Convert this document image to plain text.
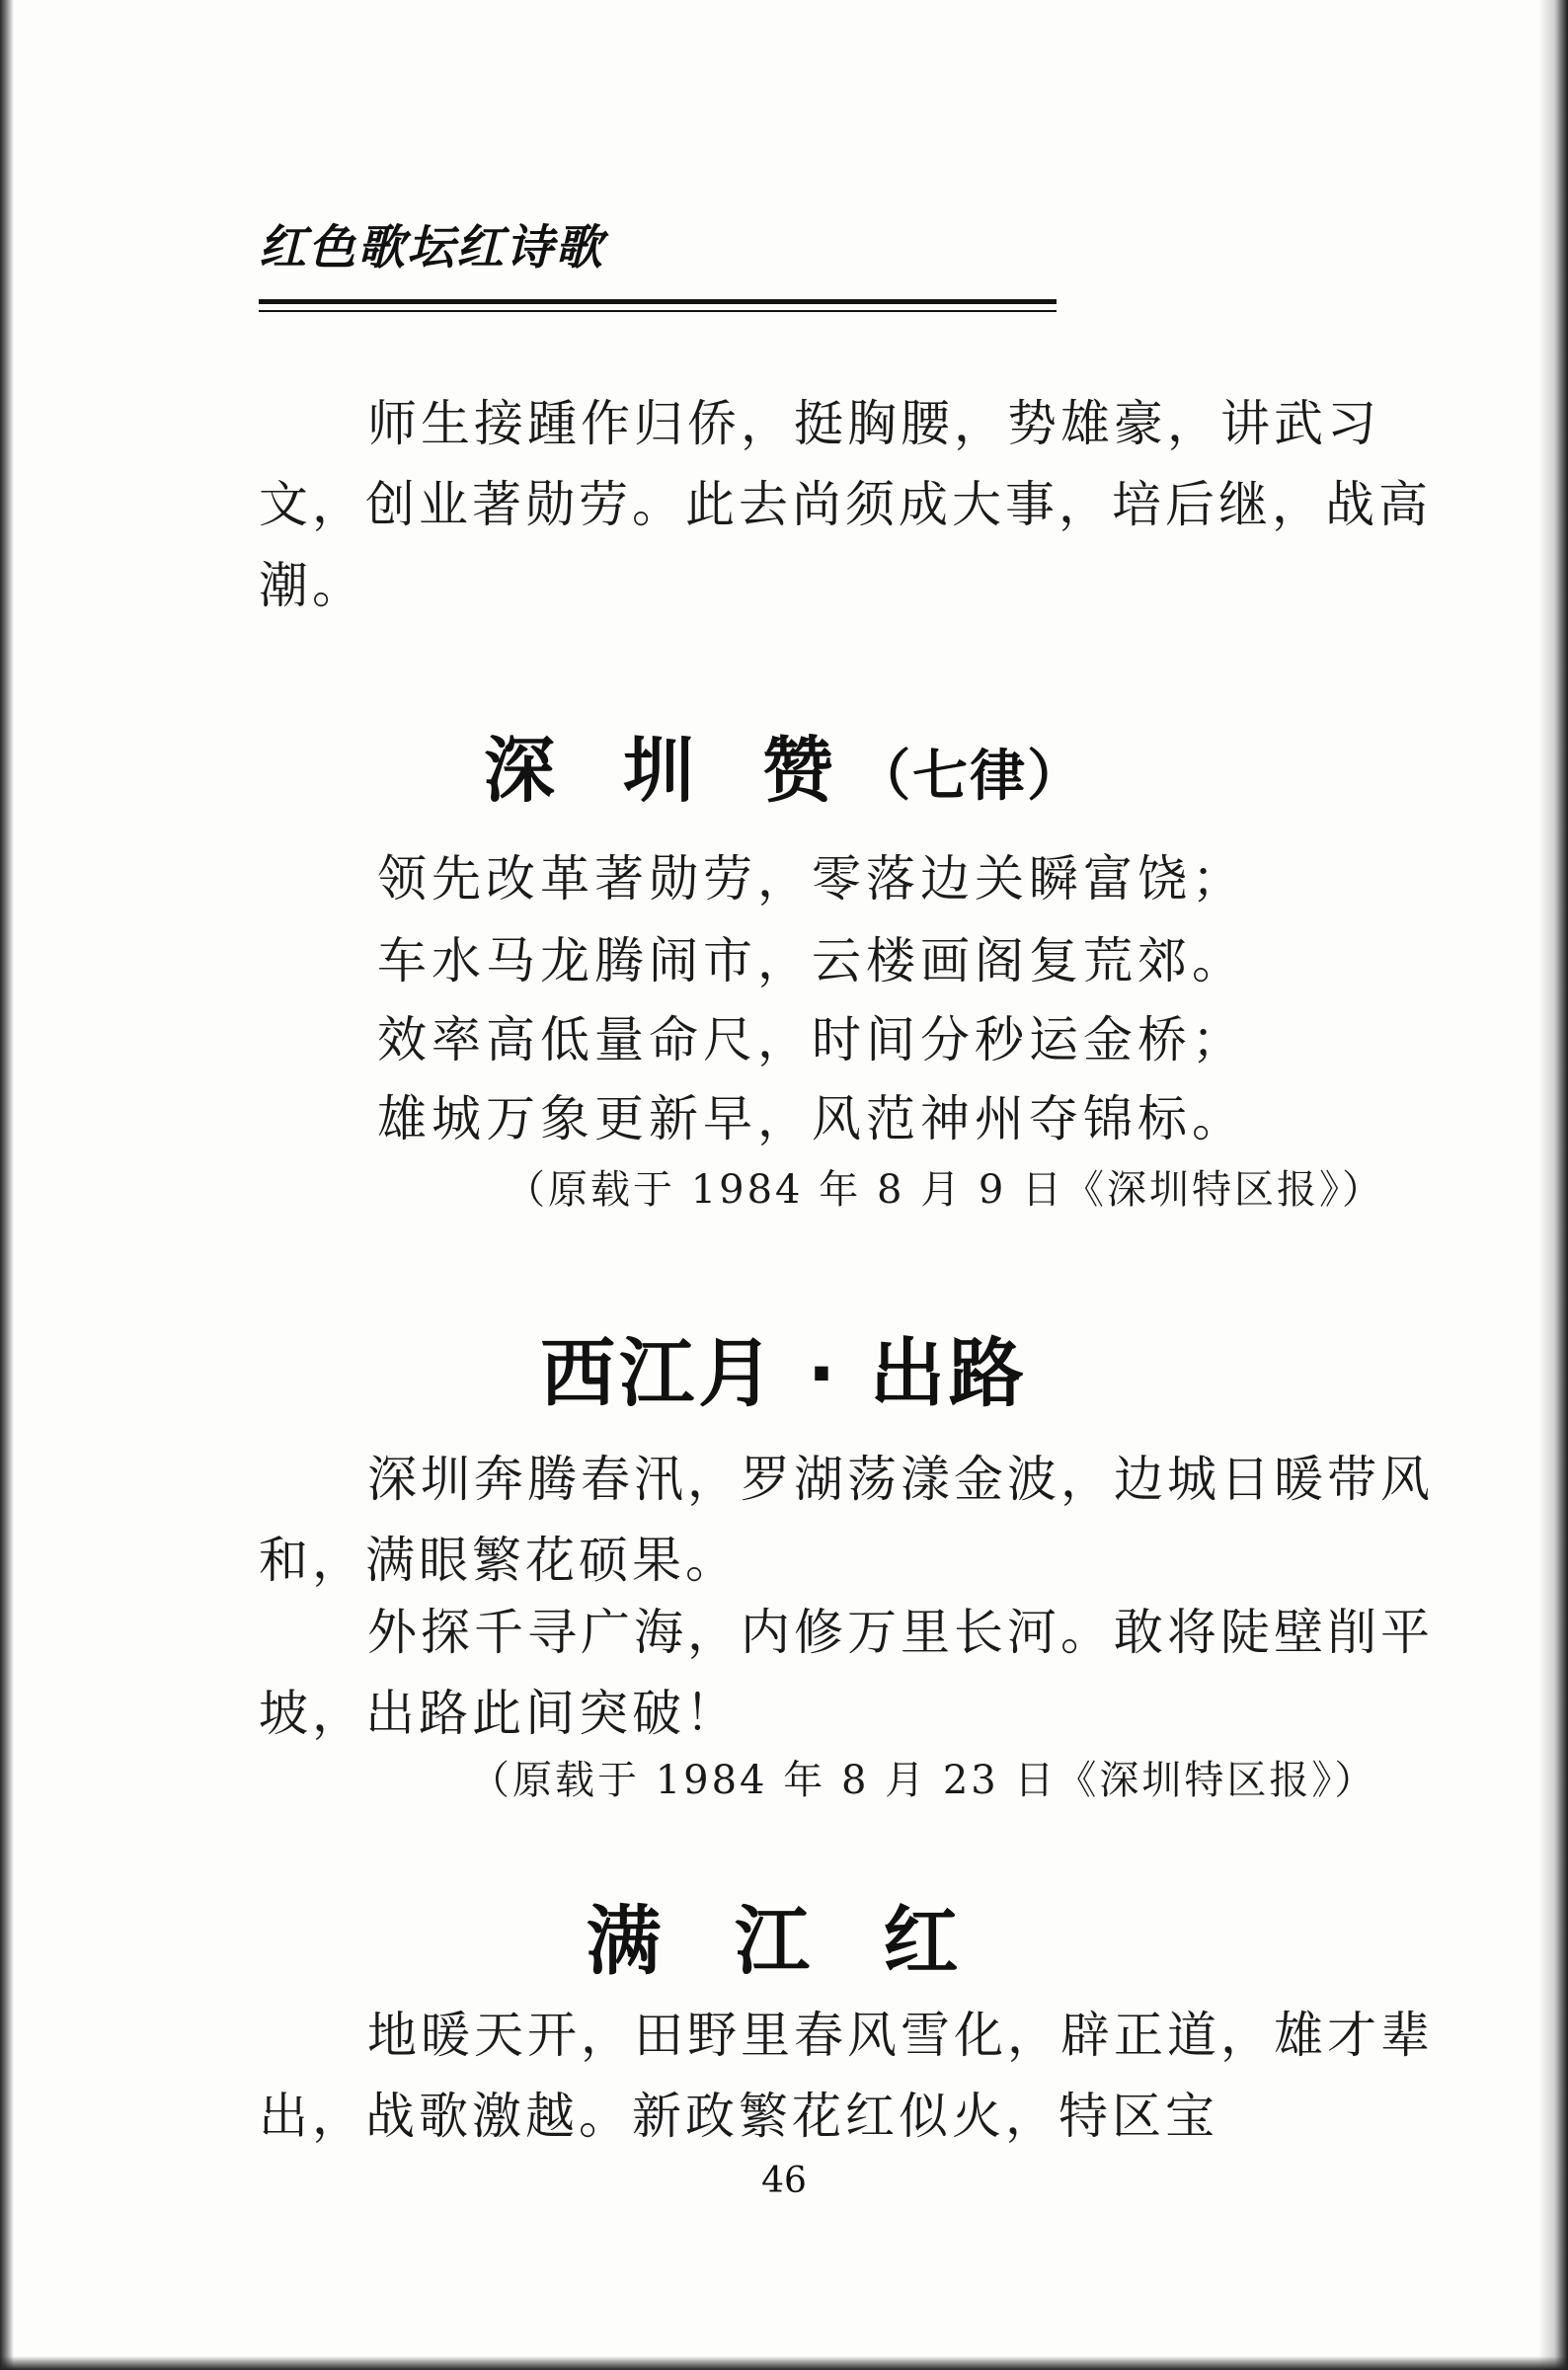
红色歌坛红诗歌

师生接踵作归侨，挺胸腰，势雄豪，讲武习文，创业著勋劳。此去尚须成大事，培后继，战高潮。

深 圳 赞（七律）

领先改革著勋劳，零落边关瞬富饶；

车水马龙腾闹市，云楼画阁复荒郊。

效率高低量命尺，时间分秒运金桥；

雄城万象更新早，风范神州夺锦标。

（原载于 1984 年 8 月 9 日《深圳特区报》）
西江月 · 出路

深圳奔腾春汛，罗湖荡漾金波，边城日暖带风和，满眼繁花硕果。

外探千寻广海，内修万里长河。敢将陡壁削平坡，出路此间突破！

（原载于 1984 年 8 月 23 日《深圳特区报》）
满 江 红

地暖天开，田野里春风雪化，辟正道，雄才辈出，战歌激越。新政繁花红似火，特区宝

46
